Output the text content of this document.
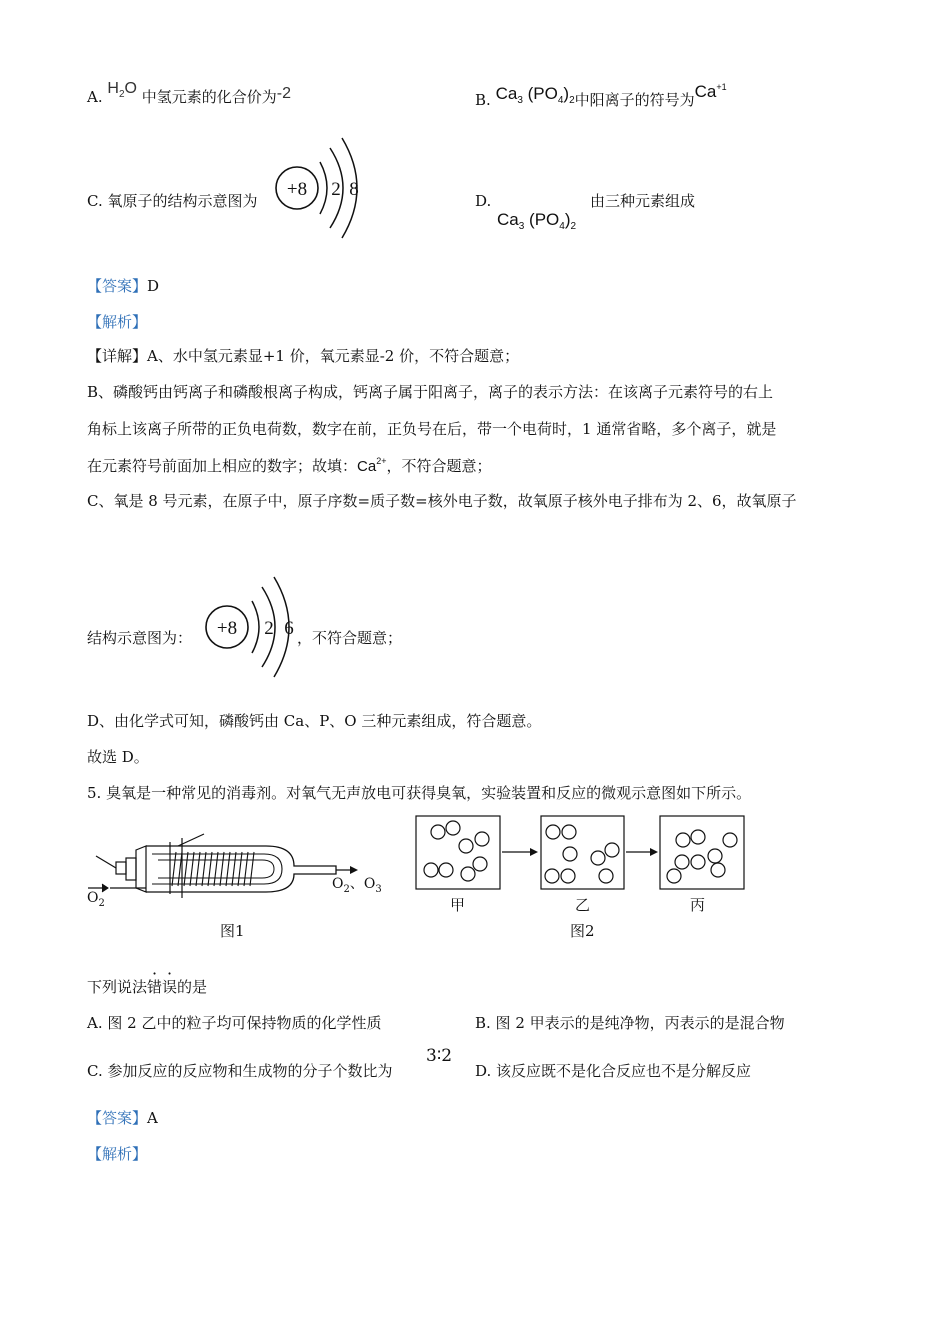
A. $H_2O$ 中氢元素的化合价为-2	B. $Ca_3$ $(PO_4)_2$中阳离子的符号为$Ca^{+1}$
C. 氧原子的结构示意图为
+8 2 8
D.
$Ca_3$ $(PO_4)_2$
由三种元素组成
【答案】D
【解析】
【详解】A、水中氢元素显+1 价，氧元素显-2 价，不符合题意；
B、磷酸钙由钙离子和磷酸根离子构成，钙离子属于阳离子，离子的表示方法：在该离子元素符号的右上
角标上该离子所带的正负电荷数，数字在前，正负号在后，带一个电荷时，1 通常省略，多个离子，就是
在元素符号前面加上相应的数字；故填：$Ca^{2+}$，不符合题意；
C、氧是 8 号元素，在原子中，原子序数=质子数=核外电子数，故氧原子核外电子排布为 2、6，故氧原子
结构示意图为： +8 2 6 ，不符合题意；
D、由化学式可知，磷酸钙由 Ca、P、O 三种元素组成，符合题意。
故选 D。
5. 臭氧是一种常见的消毒剂。对氧气无声放电可获得臭氧，实验装置和反应的微观示意图如下所示。
$O_2$
$O_2$、$O_3$
图1
甲	乙	丙
图2
下列说法错误的是
A. 图 2 乙中的粒子均可保持物质的化学性质	B. 图 2 甲表示的是纯净物，丙表示的是混合物
C. 参加反应的反应物和生成物的分子个数比为
3∶2
D. 该反应既不是化合反应也不是分解反应
【答案】A
【解析】
